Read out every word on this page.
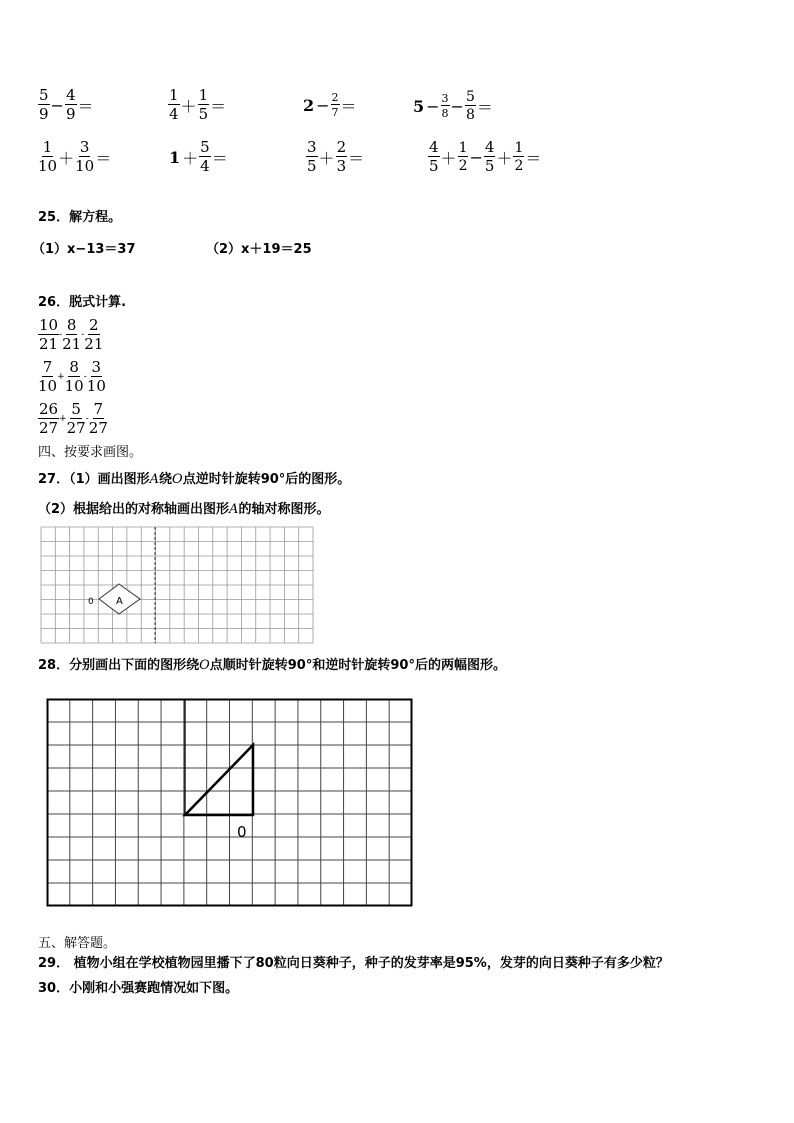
$\frac{5}{9} - \frac{4}{9}$ ＝	$\frac{1}{4} + \frac{1}{5}$ ＝	$2 - \frac{2}{7}$ ＝	$5 - \frac{3}{8} - \frac{5}{8}$ ＝
$\frac{1}{10} + \frac{3}{10}$ ＝	$1 + \frac{5}{4}$ ＝	$\frac{3}{5} + \frac{2}{3}$ ＝	$\frac{4}{5} + \frac{1}{2} - \frac{4}{5} + \frac{1}{2}$ ＝
25．解方程。
（1）x−13＝37	（2）x＋19＝25
26．脱式计算.
$\frac{10}{21} - \frac{8}{21} - \frac{2}{21}$
$\frac{7}{10} + \frac{8}{10} - \frac{3}{10}$
$\frac{26}{27} + \frac{5}{27} - \frac{7}{27}$
四、按要求画图。
27．（1）画出图形A绕O点逆时针旋转90°后的图形。
（2）根据给出的对称轴画出图形A的轴对称图形。
A
0
28．分别画出下面的图形绕O点顺时针旋转90°和逆时针旋转90°后的两幅图形。
0
五、解答题。
29． 植物小组在学校植物园里播下了80粒向日葵种子，种子的发芽率是95%，发芽的向日葵种子有多少粒？
30．小刚和小强赛跑情况如下图。
